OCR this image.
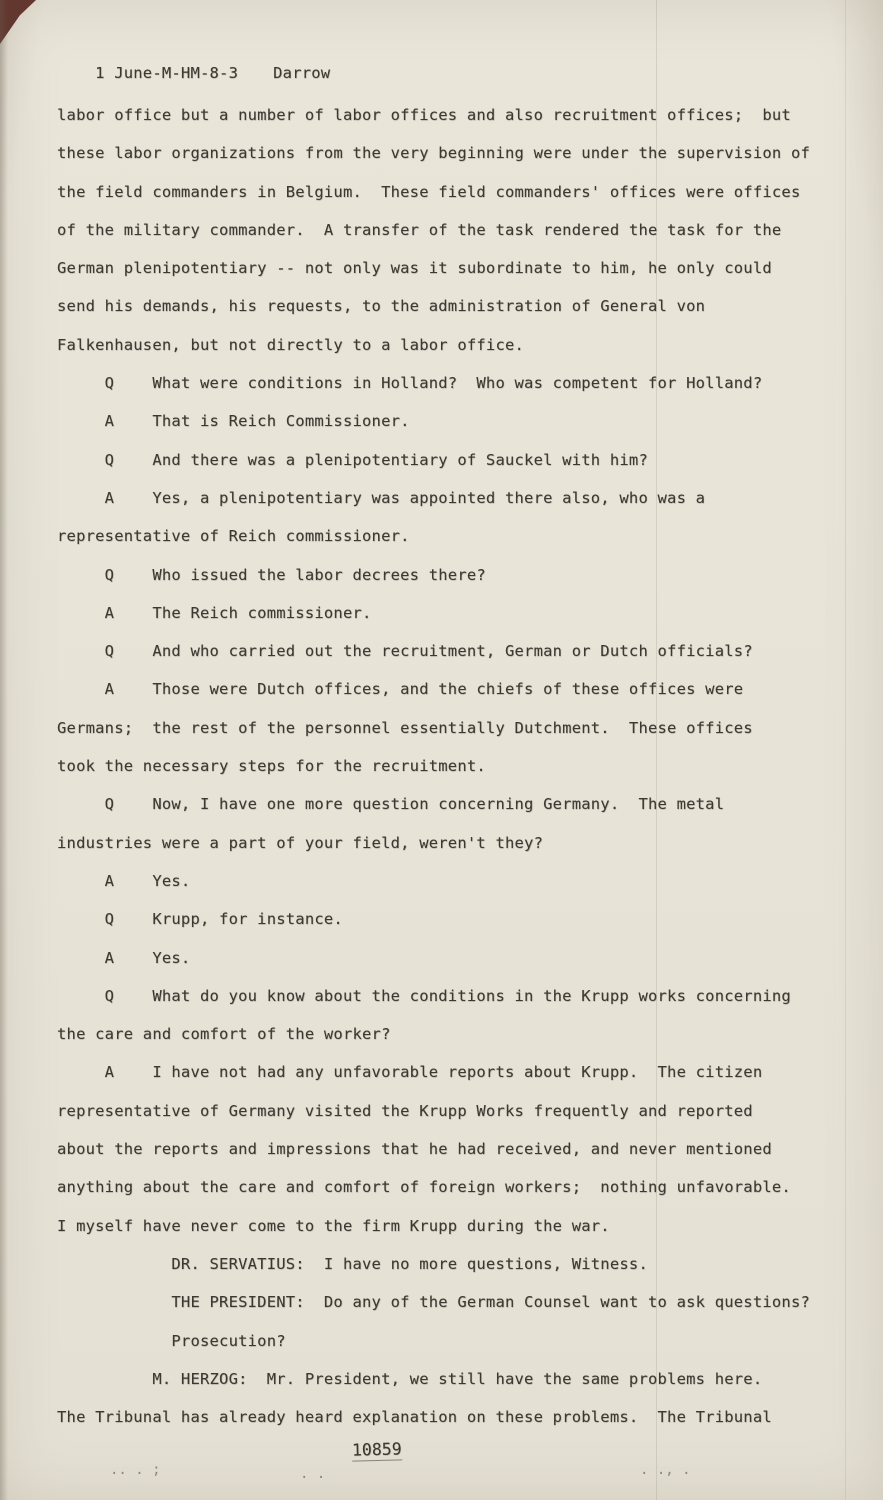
1 June-M-HM-8-3 Darrow

labor office but a number of labor offices and also recruitment offices;  but
these labor organizations from the very beginning were under the supervision of
the field commanders in Belgium.  These field commanders' offices were offices
of the military commander.  A transfer of the task rendered the task for the
German plenipotentiary -- not only was it subordinate to him, he only could
send his demands, his requests, to the administration of General von
Falkenhausen, but not directly to a labor office.
Q    What were conditions in Holland?  Who was competent for Holland?
A    That is Reich Commissioner.
Q    And there was a plenipotentiary of Sauckel with him?
A    Yes, a plenipotentiary was appointed there also, who was a
representative of Reich commissioner.
Q    Who issued the labor decrees there?
A    The Reich commissioner.
Q    And who carried out the recruitment, German or Dutch officials?
A    Those were Dutch offices, and the chiefs of these offices were
Germans;  the rest of the personnel essentially Dutchment.  These offices
took the necessary steps for the recruitment.
Q    Now, I have one more question concerning Germany.  The metal
industries were a part of your field, weren't they?
A    Yes.
Q    Krupp, for instance.
A    Yes.
Q    What do you know about the conditions in the Krupp works concerning
the care and comfort of the worker?
A    I have not had any unfavorable reports about Krupp.  The citizen
representative of Germany visited the Krupp Works frequently and reported
about the reports and impressions that he had received, and never mentioned
anything about the care and comfort of foreign workers;  nothing unfavorable.
I myself have never come to the firm Krupp during the war.
DR. SERVATIUS:  I have no more questions, Witness.
THE PRESIDENT:  Do any of the German Counsel want to ask questions?
Prosecution?
M. HERZOG:  Mr. President, we still have the same problems here.
The Tribunal has already heard explanation on these problems.  The Tribunal
10859
.. . ;	. .	. ., .
